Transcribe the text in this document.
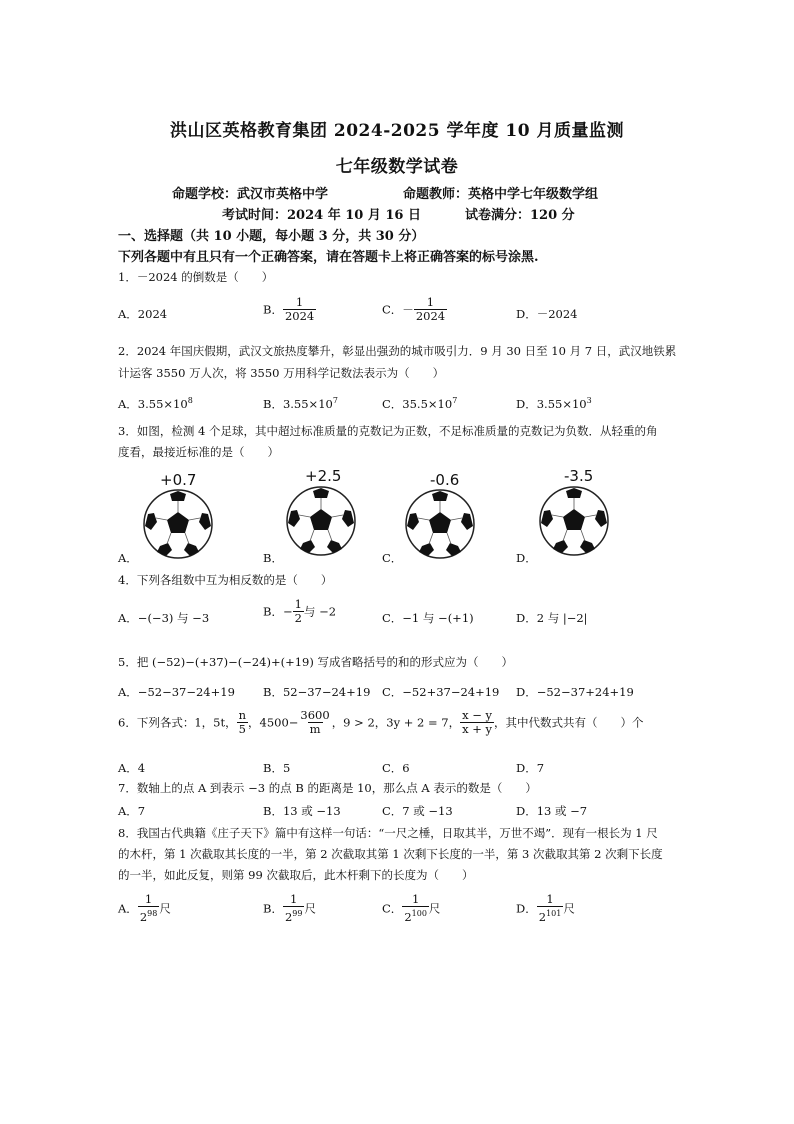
洪山区英格教育集团 2024-2025 学年度 10 月质量监测
七年级数学试卷
命题学校：武汉市英格中学	命题教师：英格中学七年级数学组
考试时间：2024 年 10 月 16 日	试卷满分：120 分
一、选择题（共 10 小题，每小题 3 分，共 30 分）
下列各题中有且只有一个正确答案，请在答题卡上将正确答案的标号涂黑.
1．－2024 的倒数是（　　）
A．2024	B． $\frac{1}{2024}$	C．－ $\frac{1}{2024}$	D．－2024
2．2024 年国庆假期，武汉文旅热度攀升，彰显出强劲的城市吸引力．9 月 30 日至 10 月 7 日，武汉地铁累
计运客 3550 万人次，将 3550 万用科学记数法表示为（　　）
A．$3.55\times 10^8$	B．$3.55\times 10^7$	C．$35.5\times 10^7$	D．$3.55\times 10^3$
3．如图，检测 4 个足球，其中超过标准质量的克数记为正数，不足标准质量的克数记为负数．从轻重的角
度看，最接近标准的是（　　）
+0.7
A．
+2.5
B．
-0.6
C．
-3.5
D．
4．下列各组数中互为相反数的是（　　）
A．−(−3) 与 −3	B．− $\frac{1}{2}$ 与 −2	C．−1 与 −(+1)	D．2 与 |−2|
5．把 (−52)−(+37)−(−24)+(+19) 写成省略括号的和的形式应为（　　）
A．−52−37−24+19 B．52−37−24+19 C．−52+37−24+19 D．−52−37+24+19
6．下列各式：1，5t， $\frac{n}{5}$ ，$4500- \frac{3600}{m}$ ，9 > 2，3y + 2 = 7， $\frac{x - y}{x + y}$ ，其中代数式共有（　　）个
A．4	B．5	C．6	D．7
7．数轴上的点 A 到表示 −3 的点 B 的距离是 10，那么点 A 表示的数是（　　）
A．7	B．13 或 −13	C．7 或 −13	D．13 或 −7
8．我国古代典籍《庄子天下》篇中有这样一句话：“一尺之棰，日取其半，万世不竭”．现有一根长为 1 尺
的木杆，第 1 次截取其长度的一半，第 2 次截取其第 1 次剩下长度的一半，第 3 次截取其第 2 次剩下长度
的一半，如此反复，则第 99 次截取后，此木杆剩下的长度为（　　）
A． $\frac{1}{2^{98}}$ 尺	B． $\frac{1}{2^{99}}$ 尺	C． $\frac{1}{2^{100}}$ 尺	D． $\frac{1}{2^{101}}$ 尺
